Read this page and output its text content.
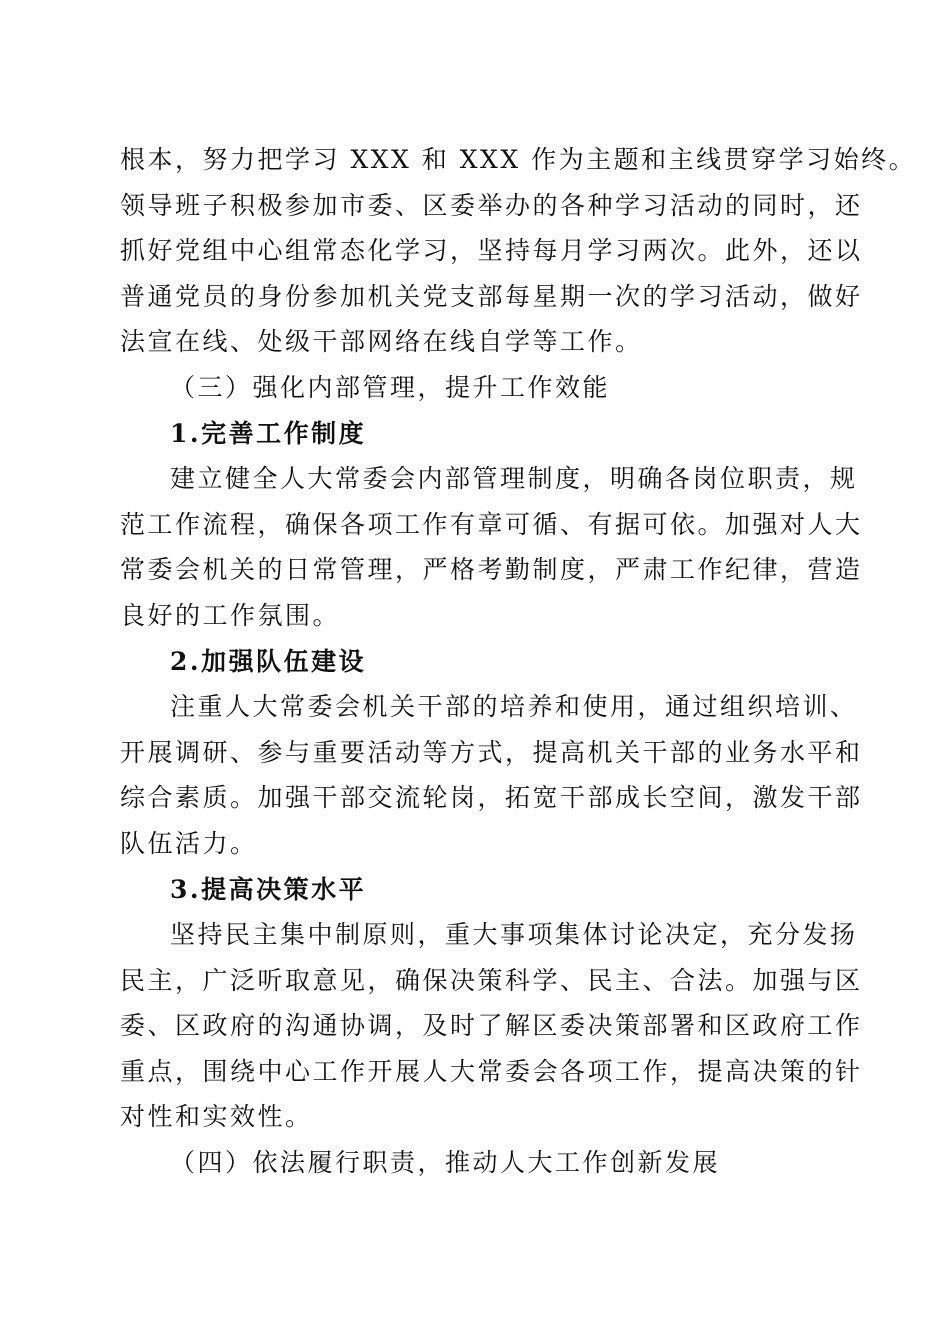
根本，努力把学习 XXX 和 XXX 作为主题和主线贯穿学习始终。
领导班子积极参加市委、区委举办的各种学习活动的同时，还
抓好党组中心组常态化学习，坚持每月学习两次。此外，还以
普通党员的身份参加机关党支部每星期一次的学习活动，做好
法宣在线、处级干部网络在线自学等工作。
（三）强化内部管理，提升工作效能
1.完善工作制度
建立健全人大常委会内部管理制度，明确各岗位职责，规
范工作流程，确保各项工作有章可循、有据可依。加强对人大
常委会机关的日常管理，严格考勤制度，严肃工作纪律，营造
良好的工作氛围。
2.加强队伍建设
注重人大常委会机关干部的培养和使用，通过组织培训、
开展调研、参与重要活动等方式，提高机关干部的业务水平和
综合素质。加强干部交流轮岗，拓宽干部成长空间，激发干部
队伍活力。
3.提高决策水平
坚持民主集中制原则，重大事项集体讨论决定，充分发扬
民主，广泛听取意见，确保决策科学、民主、合法。加强与区
委、区政府的沟通协调，及时了解区委决策部署和区政府工作
重点，围绕中心工作开展人大常委会各项工作，提高决策的针
对性和实效性。
（四）依法履行职责，推动人大工作创新发展
